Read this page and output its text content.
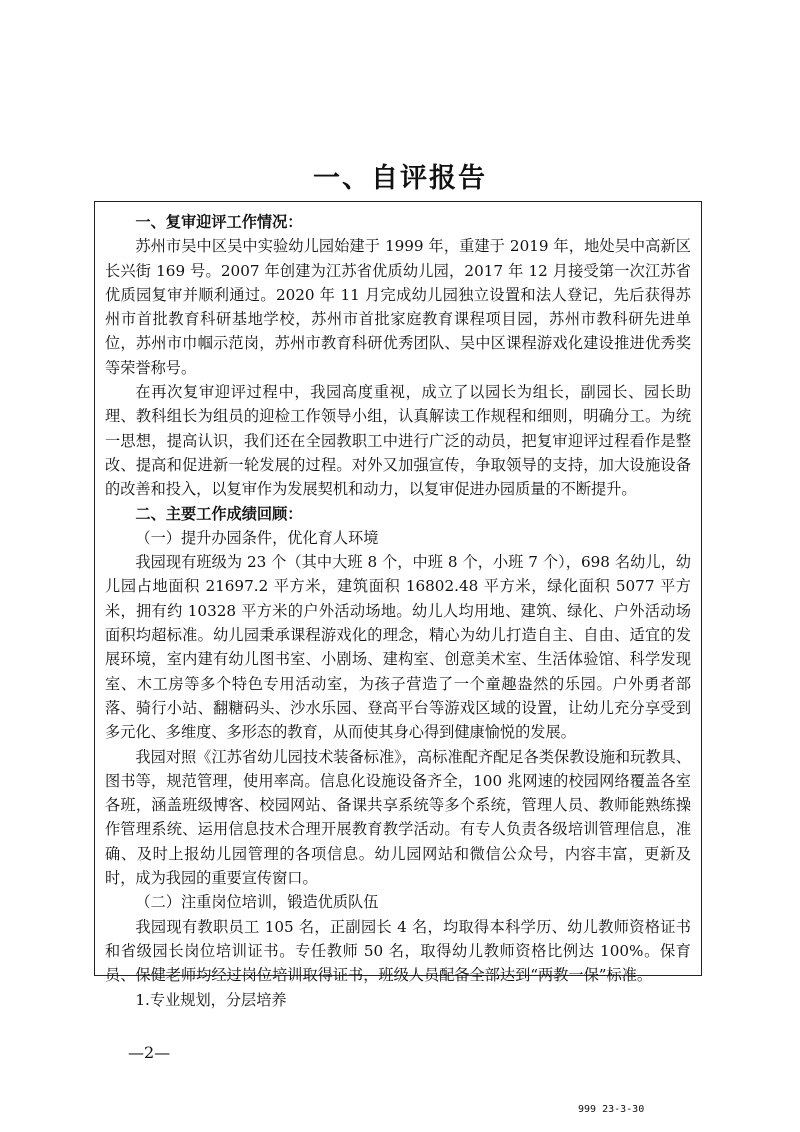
一、自评报告

一、复审迎评工作情况：

苏州市吴中区吴中实验幼儿园始建于 1999 年，重建于 2019 年，地处吴中高新区长兴街 169 号。2007 年创建为江苏省优质幼儿园，2017 年 12 月接受第一次江苏省优质园复审并顺利通过。2020 年 11 月完成幼儿园独立设置和法人登记，先后获得苏州市首批教育科研基地学校，苏州市首批家庭教育课程项目园，苏州市教科研先进单位，苏州市巾帼示范岗，苏州市教育科研优秀团队、吴中区课程游戏化建设推进优秀奖等荣誉称号。

在再次复审迎评过程中，我园高度重视，成立了以园长为组长，副园长、园长助理、教科组长为组员的迎检工作领导小组，认真解读工作规程和细则，明确分工。为统一思想，提高认识，我们还在全园教职工中进行广泛的动员，把复审迎评过程看作是整改、提高和促进新一轮发展的过程。对外又加强宣传，争取领导的支持，加大设施设备的改善和投入，以复审作为发展契机和动力，以复审促进办园质量的不断提升。

二、主要工作成绩回顾：

（一）提升办园条件，优化育人环境

我园现有班级为 23 个（其中大班 8 个，中班 8 个，小班 7 个），698 名幼儿，幼儿园占地面积 21697.2 平方米，建筑面积 16802.48 平方米，绿化面积 5077 平方米，拥有约 10328 平方米的户外活动场地。幼儿人均用地、建筑、绿化、户外活动场面积均超标准。幼儿园秉承课程游戏化的理念，精心为幼儿打造自主、自由、适宜的发展环境，室内建有幼儿图书室、小剧场、建构室、创意美术室、生活体验馆、科学发现室、木工房等多个特色专用活动室，为孩子营造了一个童趣盎然的乐园。户外勇者部落、骑行小站、翻糖码头、沙水乐园、登高平台等游戏区域的设置，让幼儿充分享受到多元化、多维度、多形态的教育，从而使其身心得到健康愉悦的发展。

我园对照《江苏省幼儿园技术装备标准》，高标准配齐配足各类保教设施和玩教具、图书等，规范管理，使用率高。信息化设施设备齐全，100 兆网速的校园网络覆盖各室各班，涵盖班级博客、校园网站、备课共享系统等多个系统，管理人员、教师能熟练操作管理系统、运用信息技术合理开展教育教学活动。有专人负责各级培训管理信息，准确、及时上报幼儿园管理的各项信息。幼儿园网站和微信公众号，内容丰富，更新及时，成为我园的重要宣传窗口。

（二）注重岗位培训，锻造优质队伍

我园现有教职员工 105 名，正副园长 4 名，均取得本科学历、幼儿教师资格证书和省级园长岗位培训证书。专任教师 50 名，取得幼儿教师资格比例达 100%。保育员、保健老师均经过岗位培训取得证书，班级人员配备全部达到“两教一保”标准。

1.专业规划，分层培养

—2—
999 23-3-30
